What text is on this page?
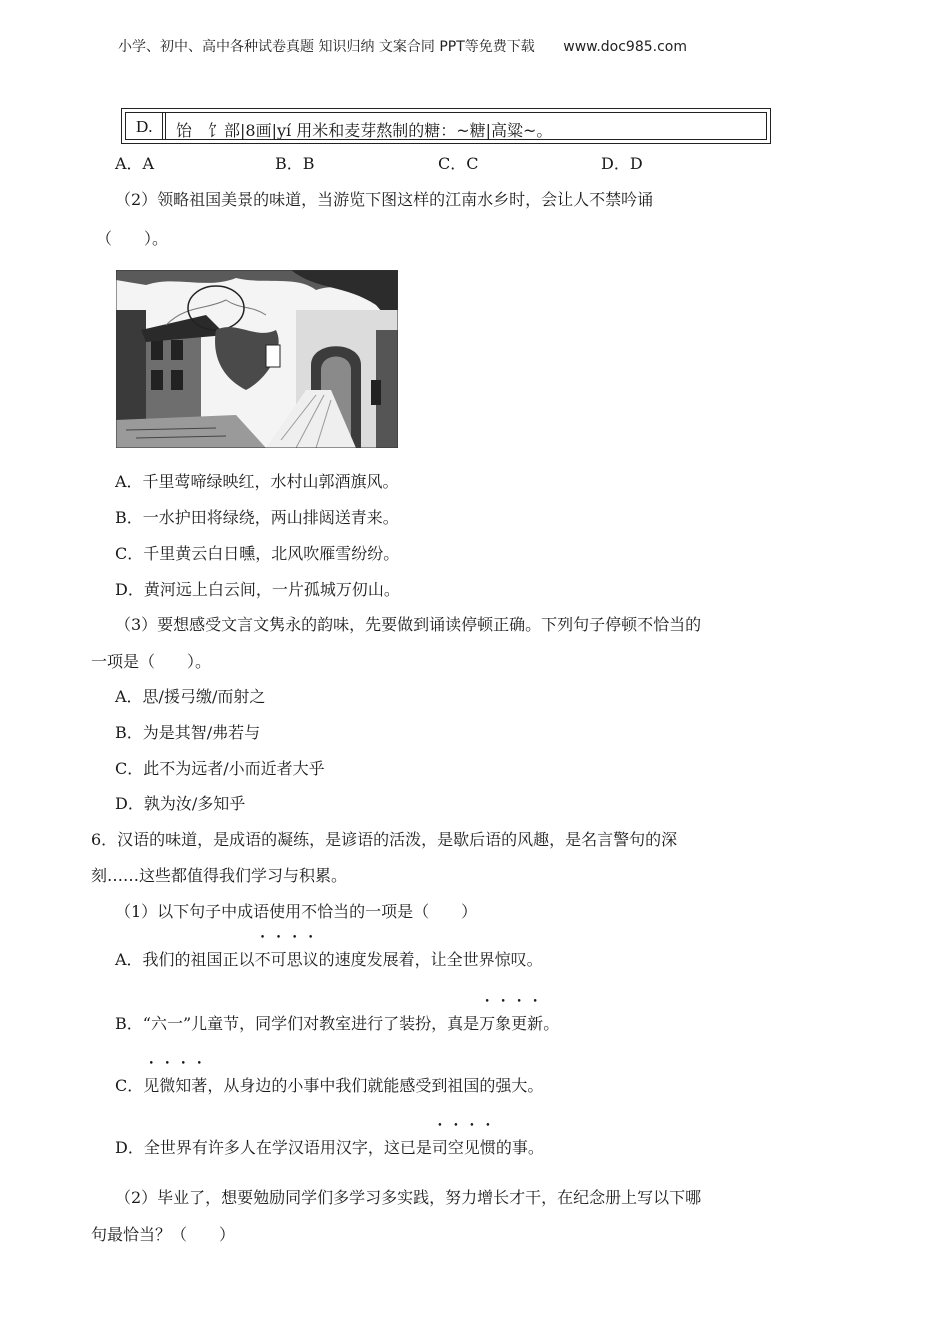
小学、初中、高中各种试卷真题 知识归纳 文案合同 PPT等免费下载 www.doc985.com
D. 饴　饣部|8画|yí 用米和麦芽熬制的糖：~糖|高粱~。
A．A	B．B	C．C	D．D
（2）领略祖国美景的味道，当游览下图这样的江南水乡时，会让人不禁吟诵
（　　）。
A．千里莺啼绿映红，水村山郭酒旗风。
B．一水护田将绿绕，两山排闼送青来。
C．千里黄云白日曛，北风吹雁雪纷纷。
D．黄河远上白云间，一片孤城万仞山。
（3）要想感受文言文隽永的韵味，先要做到诵读停顿正确。下列句子停顿不恰当的
一项是（　　）。
A．思/援弓缴/而射之
B．为是其智/弗若与
C．此不为远者/小而近者大乎
D．孰为汝/多知乎
6．汉语的味道，是成语的凝练，是谚语的活泼，是歇后语的风趣，是名言警句的深
刻……这些都值得我们学习与积累。
（1）以下句子中成语使用不恰当的一项是（　　）
A．我们的祖国正以不可思议的速度发展着，让全世界惊叹。
B．“六一”儿童节，同学们对教室进行了装扮，真是万象更新。
C．见微知著，从身边的小事中我们就能感受到祖国的强大。
D．全世界有许多人在学汉语用汉字，这已是司空见惯的事。
（2）毕业了，想要勉励同学们多学习多实践，努力增长才干，在纪念册上写以下哪
句最恰当？（　　）
